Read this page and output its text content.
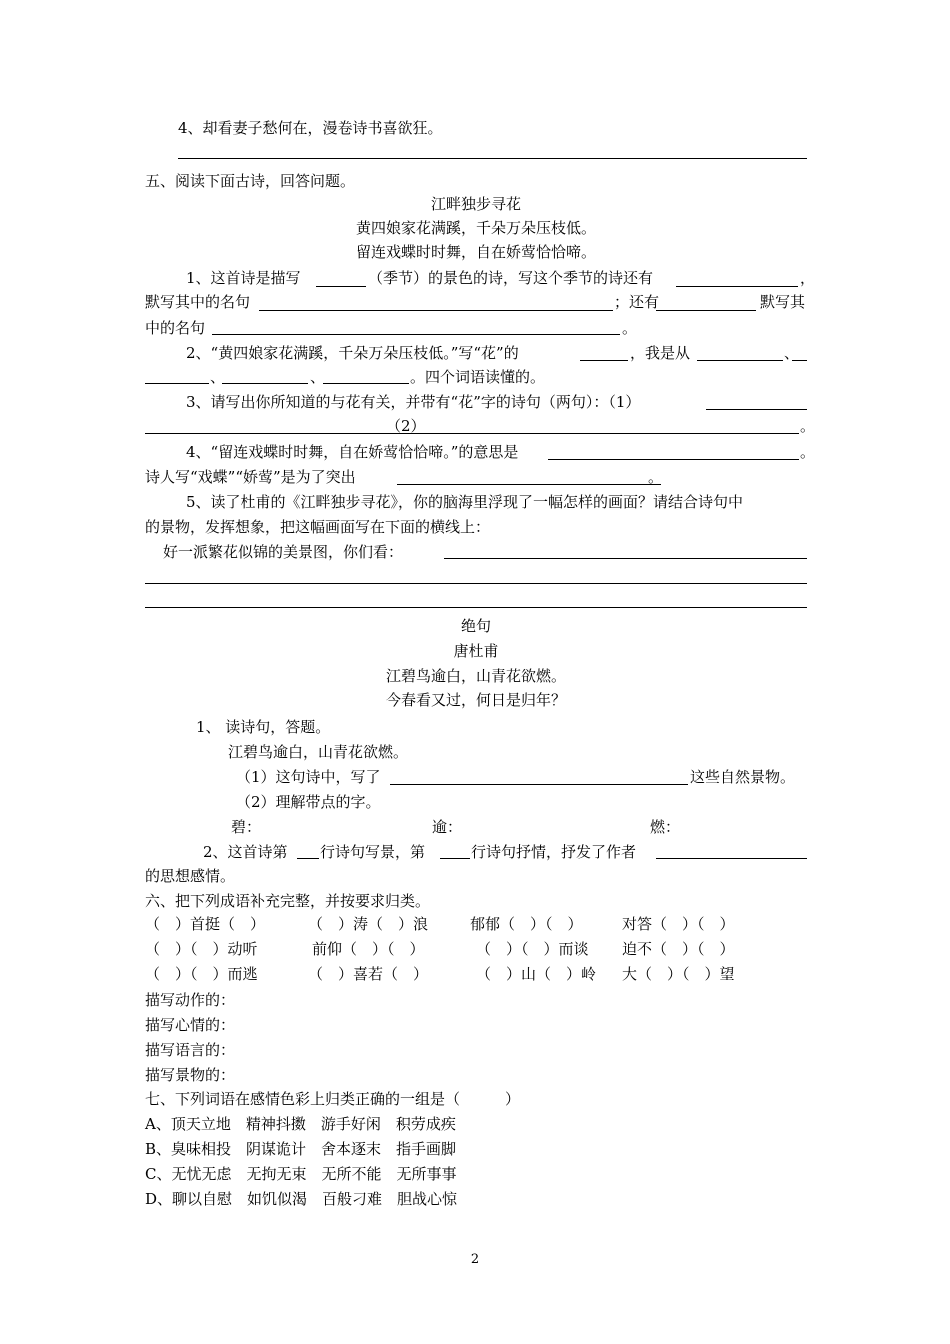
4、却看妻子愁何在，漫卷诗书喜欲狂。
五、阅读下面古诗，回答问题。
江畔独步寻花
黄四娘家花满蹊，千朵万朵压枝低。
留连戏蝶时时舞，自在娇莺恰恰啼。
1、这首诗是描写	（季节）的景色的诗，写这个季节的诗还有	，
默写其中的名句	；还有	默写其
中的名句	。
2、“黄四娘家花满蹊，千朵万朵压枝低。”写“花”的	，我是从	、
、	、	。四个词语读懂的。
3、请写出你所知道的与花有关，并带有“花”字的诗句（两句）：（1）
（2）	。
4、“留连戏蝶时时舞，自在娇莺恰恰啼。”的意思是	。
诗人写“戏蝶”“娇莺”是为了突出	。
5、读了杜甫的《江畔独步寻花》，你的脑海里浮现了一幅怎样的画面？请结合诗句中
的景物，发挥想象，把这幅画面写在下面的横线上：
好一派繁花似锦的美景图，你们看：
绝句
唐杜甫
江碧鸟逾白，山青花欲燃。
今春看又过，何日是归年？
1、 读诗句，答题。
江碧鸟逾白，山青花欲燃。
（1）这句诗中，写了	这些自然景物。
（2）理解带点的字。
碧：	逾：	燃：
2、这首诗第 行诗句写景，第	行诗句抒情，抒发了作者
的思想感情。
六、把下列成语补充完整，并按要求归类。
（　）首挺（　）	（　）涛（　）浪	郁郁（　）（　）	对答（　）（　）
（　）（　）动听	前仰（　）（　）	（　）（　）而谈 迫不（　）（　）
（　）（　）而逃	（　）喜若（　）	（　）山（　）岭 大（　）（　）望
描写动作的：
描写心情的：
描写语言的：
描写景物的：
七、下列词语在感情色彩上归类正确的一组是（　　　）
A、顶天立地　精神抖擞　游手好闲　积劳成疾
B、臭味相投　阴谋诡计　舍本逐末　指手画脚
C、无忧无虑　无拘无束　无所不能　无所事事
D、聊以自慰　如饥似渴　百般刁难　胆战心惊
2
